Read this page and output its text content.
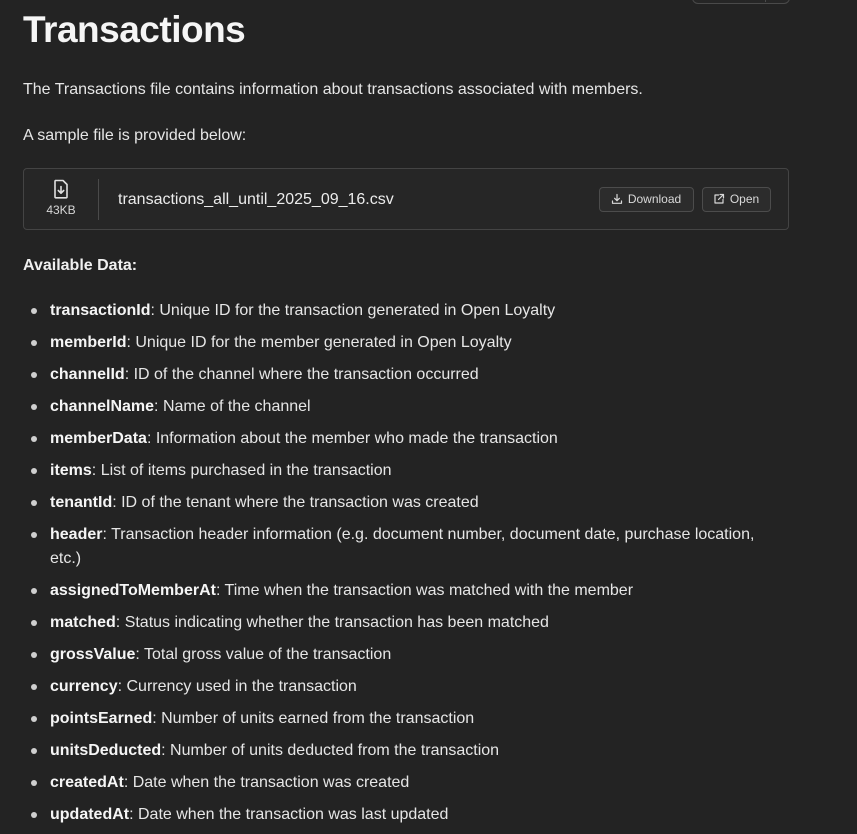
Transactions

The Transactions file contains information about transactions associated with members.

A sample file is provided below:

43KB
transactions_all_until_2025_09_16.csv	Download	Open
Available Data:
transactionId: Unique ID for the transaction generated in Open Loyalty
memberId: Unique ID for the member generated in Open Loyalty
channelId: ID of the channel where the transaction occurred
channelName: Name of the channel
memberData: Information about the member who made the transaction
items: List of items purchased in the transaction
tenantId: ID of the tenant where the transaction was created
header: Transaction header information (e.g. document number, document date, purchase location, etc.)
assignedToMemberAt: Time when the transaction was matched with the member
matched: Status indicating whether the transaction has been matched
grossValue: Total gross value of the transaction
currency: Currency used in the transaction
pointsEarned: Number of units earned from the transaction
unitsDeducted: Number of units deducted from the transaction
createdAt: Date when the transaction was created
updatedAt: Date when the transaction was last updated
